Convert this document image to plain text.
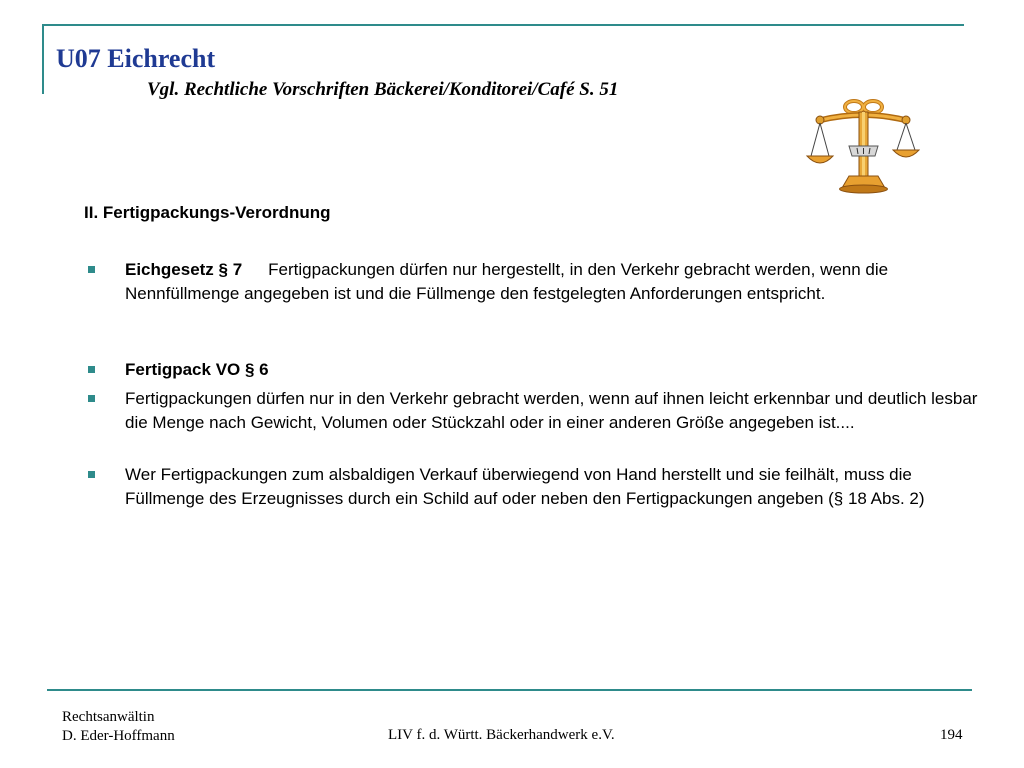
U07 Eichrecht
Vgl. Rechtliche Vorschriften Bäckerei/Konditorei/Café S. 51
II. Fertigpackungs-Verordnung
Eichgesetz § 7 Fertigpackungen dürfen nur hergestellt, in den Verkehr gebracht werden, wenn die Nennfüllmenge angegeben ist und die Füllmenge den festgelegten Anforderungen entspricht.
Fertigpack VO § 6
Fertigpackungen dürfen nur in den Verkehr gebracht werden, wenn auf ihnen leicht erkennbar und deutlich lesbar die Menge nach Gewicht, Volumen oder Stückzahl oder in einer anderen Größe angegeben ist....
Wer Fertigpackungen zum alsbaldigen Verkauf überwiegend von Hand herstellt und sie feilhält, muss die Füllmenge des Erzeugnisses durch ein Schild auf oder neben den Fertigpackungen angeben (§ 18 Abs. 2)
Rechtsanwältin
D. Eder-Hoffmann	LIV f. d. Württ. Bäckerhandwerk e.V.	194
